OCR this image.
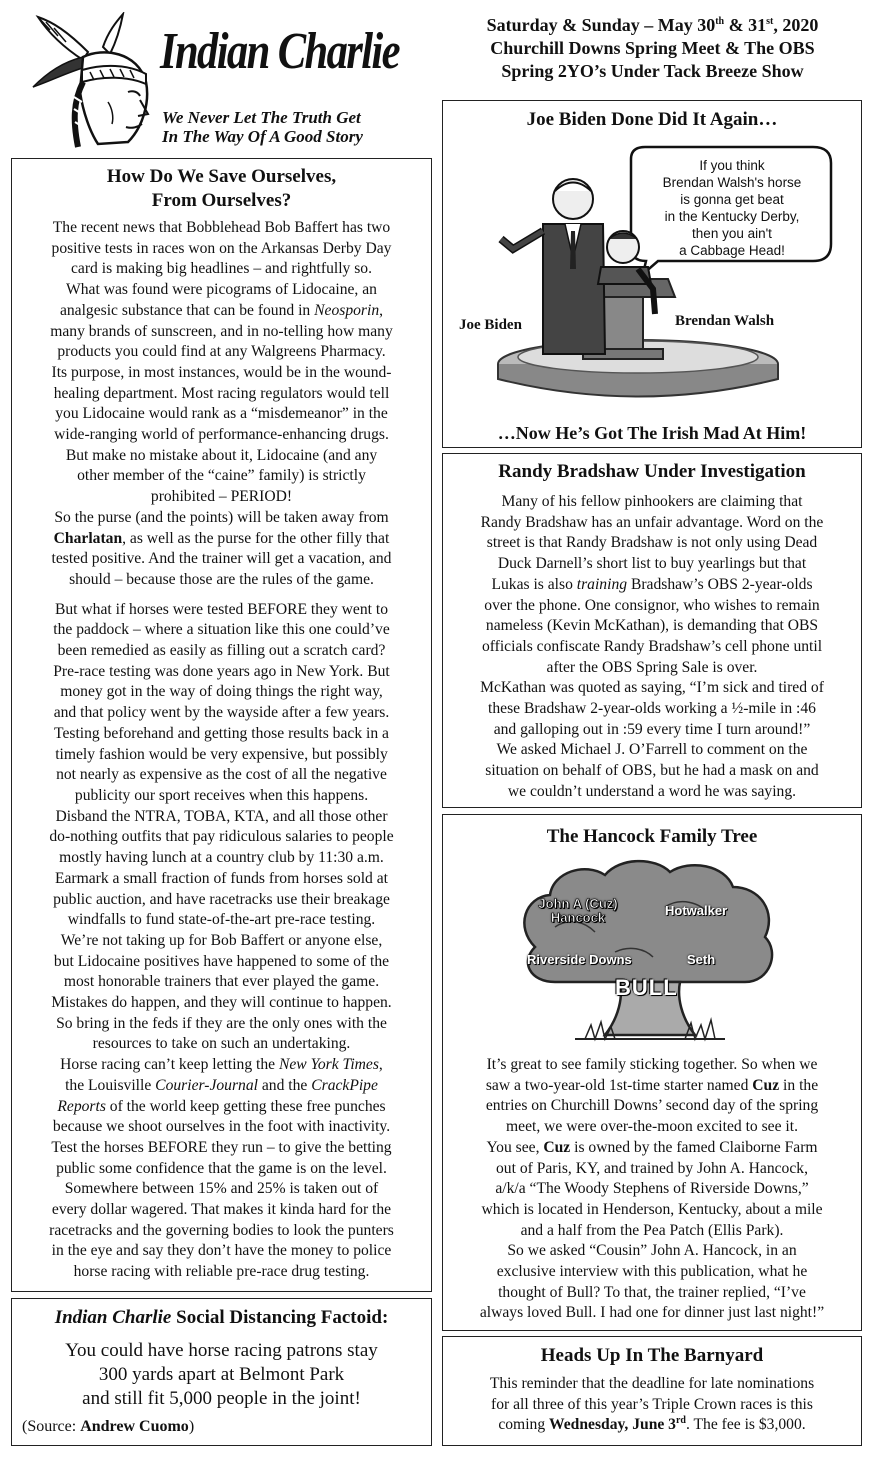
Indian Charlie
We Never Let The Truth Get
In The Way Of A Good Story
Saturday & Sunday – May 30th & 31st, 2020
Churchill Downs Spring Meet & The OBS
Spring 2YO’s Under Tack Breeze Show
How Do We Save Ourselves,
From Ourselves?

The recent news that Bobblehead Bob Baffert has two

positive tests in races won on the Arkansas Derby Day

card is making big headlines – and rightfully so.

What was found were picograms of Lidocaine, an

analgesic substance that can be found in Neosporin,

many brands of sunscreen, and in no-telling how many

products you could find at any Walgreens Pharmacy.

Its purpose, in most instances, would be in the wound-

healing department. Most racing regulators would tell

you Lidocaine would rank as a “misdemeanor” in the

wide-ranging world of performance-enhancing drugs.

But make no mistake about it, Lidocaine (and any

other member of the “caine” family) is strictly

prohibited – PERIOD!

So the purse (and the points) will be taken away from

Charlatan, as well as the purse for the other filly that

tested positive. And the trainer will get a vacation, and

should – because those are the rules of the game.

But what if horses were tested BEFORE they went to

the paddock – where a situation like this one could’ve

been remedied as easily as filling out a scratch card?

Pre-race testing was done years ago in New York. But

money got in the way of doing things the right way,

and that policy went by the wayside after a few years.

Testing beforehand and getting those results back in a

timely fashion would be very expensive, but possibly

not nearly as expensive as the cost of all the negative

publicity our sport receives when this happens.

Disband the NTRA, TOBA, KTA, and all those other

do-nothing outfits that pay ridiculous salaries to people

mostly having lunch at a country club by 11:30 a.m.

Earmark a small fraction of funds from horses sold at

public auction, and have racetracks use their breakage

windfalls to fund state-of-the-art pre-race testing.

We’re not taking up for Bob Baffert or anyone else,

but Lidocaine positives have happened to some of the

most honorable trainers that ever played the game.

Mistakes do happen, and they will continue to happen.

So bring in the feds if they are the only ones with the

resources to take on such an undertaking.

Horse racing can’t keep letting the New York Times,

the Louisville Courier-Journal and the CrackPipe

Reports of the world keep getting these free punches

because we shoot ourselves in the foot with inactivity.

Test the horses BEFORE they run – to give the betting

public some confidence that the game is on the level.

Somewhere between 15% and 25% is taken out of

every dollar wagered. That makes it kinda hard for the

racetracks and the governing bodies to look the punters

in the eye and say they don’t have the money to police

horse racing with reliable pre-race drug testing.

Indian Charlie Social Distancing Factoid:
You could have horse racing patrons stay
300 yards apart at Belmont Park
and still fit 5,000 people in the joint!
(Source: Andrew Cuomo)
Joe Biden Done Did It Again…
If you think
Brendan Walsh's horse
is gonna get beat
in the Kentucky Derby,
then you ain't
a Cabbage Head!
Joe Biden	Brendan Walsh
…Now He’s Got The Irish Mad At Him!
Randy Bradshaw Under Investigation

Many of his fellow pinhookers are claiming that

Randy Bradshaw has an unfair advantage. Word on the

street is that Randy Bradshaw is not only using Dead

Duck Darnell’s short list to buy yearlings but that

Lukas is also training Bradshaw’s OBS 2-year-olds

over the phone. One consignor, who wishes to remain

nameless (Kevin McKathan), is demanding that OBS

officials confiscate Randy Bradshaw’s cell phone until

after the OBS Spring Sale is over.

McKathan was quoted as saying, “I’m sick and tired of

these Bradshaw 2-year-olds working a ½-mile in :46

and galloping out in :59 every time I turn around!”

We asked Michael J. O’Farrell to comment on the

situation on behalf of OBS, but he had a mask on and

we couldn’t understand a word he was saying.

The Hancock Family Tree
John A (Cuz)
Hancock	Hotwalker
Riverside Downs	Seth
BULL

It’s great to see family sticking together. So when we

saw a two-year-old 1st-time starter named Cuz in the

entries on Churchill Downs’ second day of the spring

meet, we were over-the-moon excited to see it.

You see, Cuz is owned by the famed Claiborne Farm

out of Paris, KY, and trained by John A. Hancock,

a/k/a “The Woody Stephens of Riverside Downs,”

which is located in Henderson, Kentucky, about a mile

and a half from the Pea Patch (Ellis Park).

So we asked “Cousin” John A. Hancock, in an

exclusive interview with this publication, what he

thought of Bull? To that, the trainer replied, “I’ve

always loved Bull. I had one for dinner just last night!”

Heads Up In The Barnyard

This reminder that the deadline for late nominations

for all three of this year’s Triple Crown races is this

coming Wednesday, June 3rd. The fee is $3,000.
